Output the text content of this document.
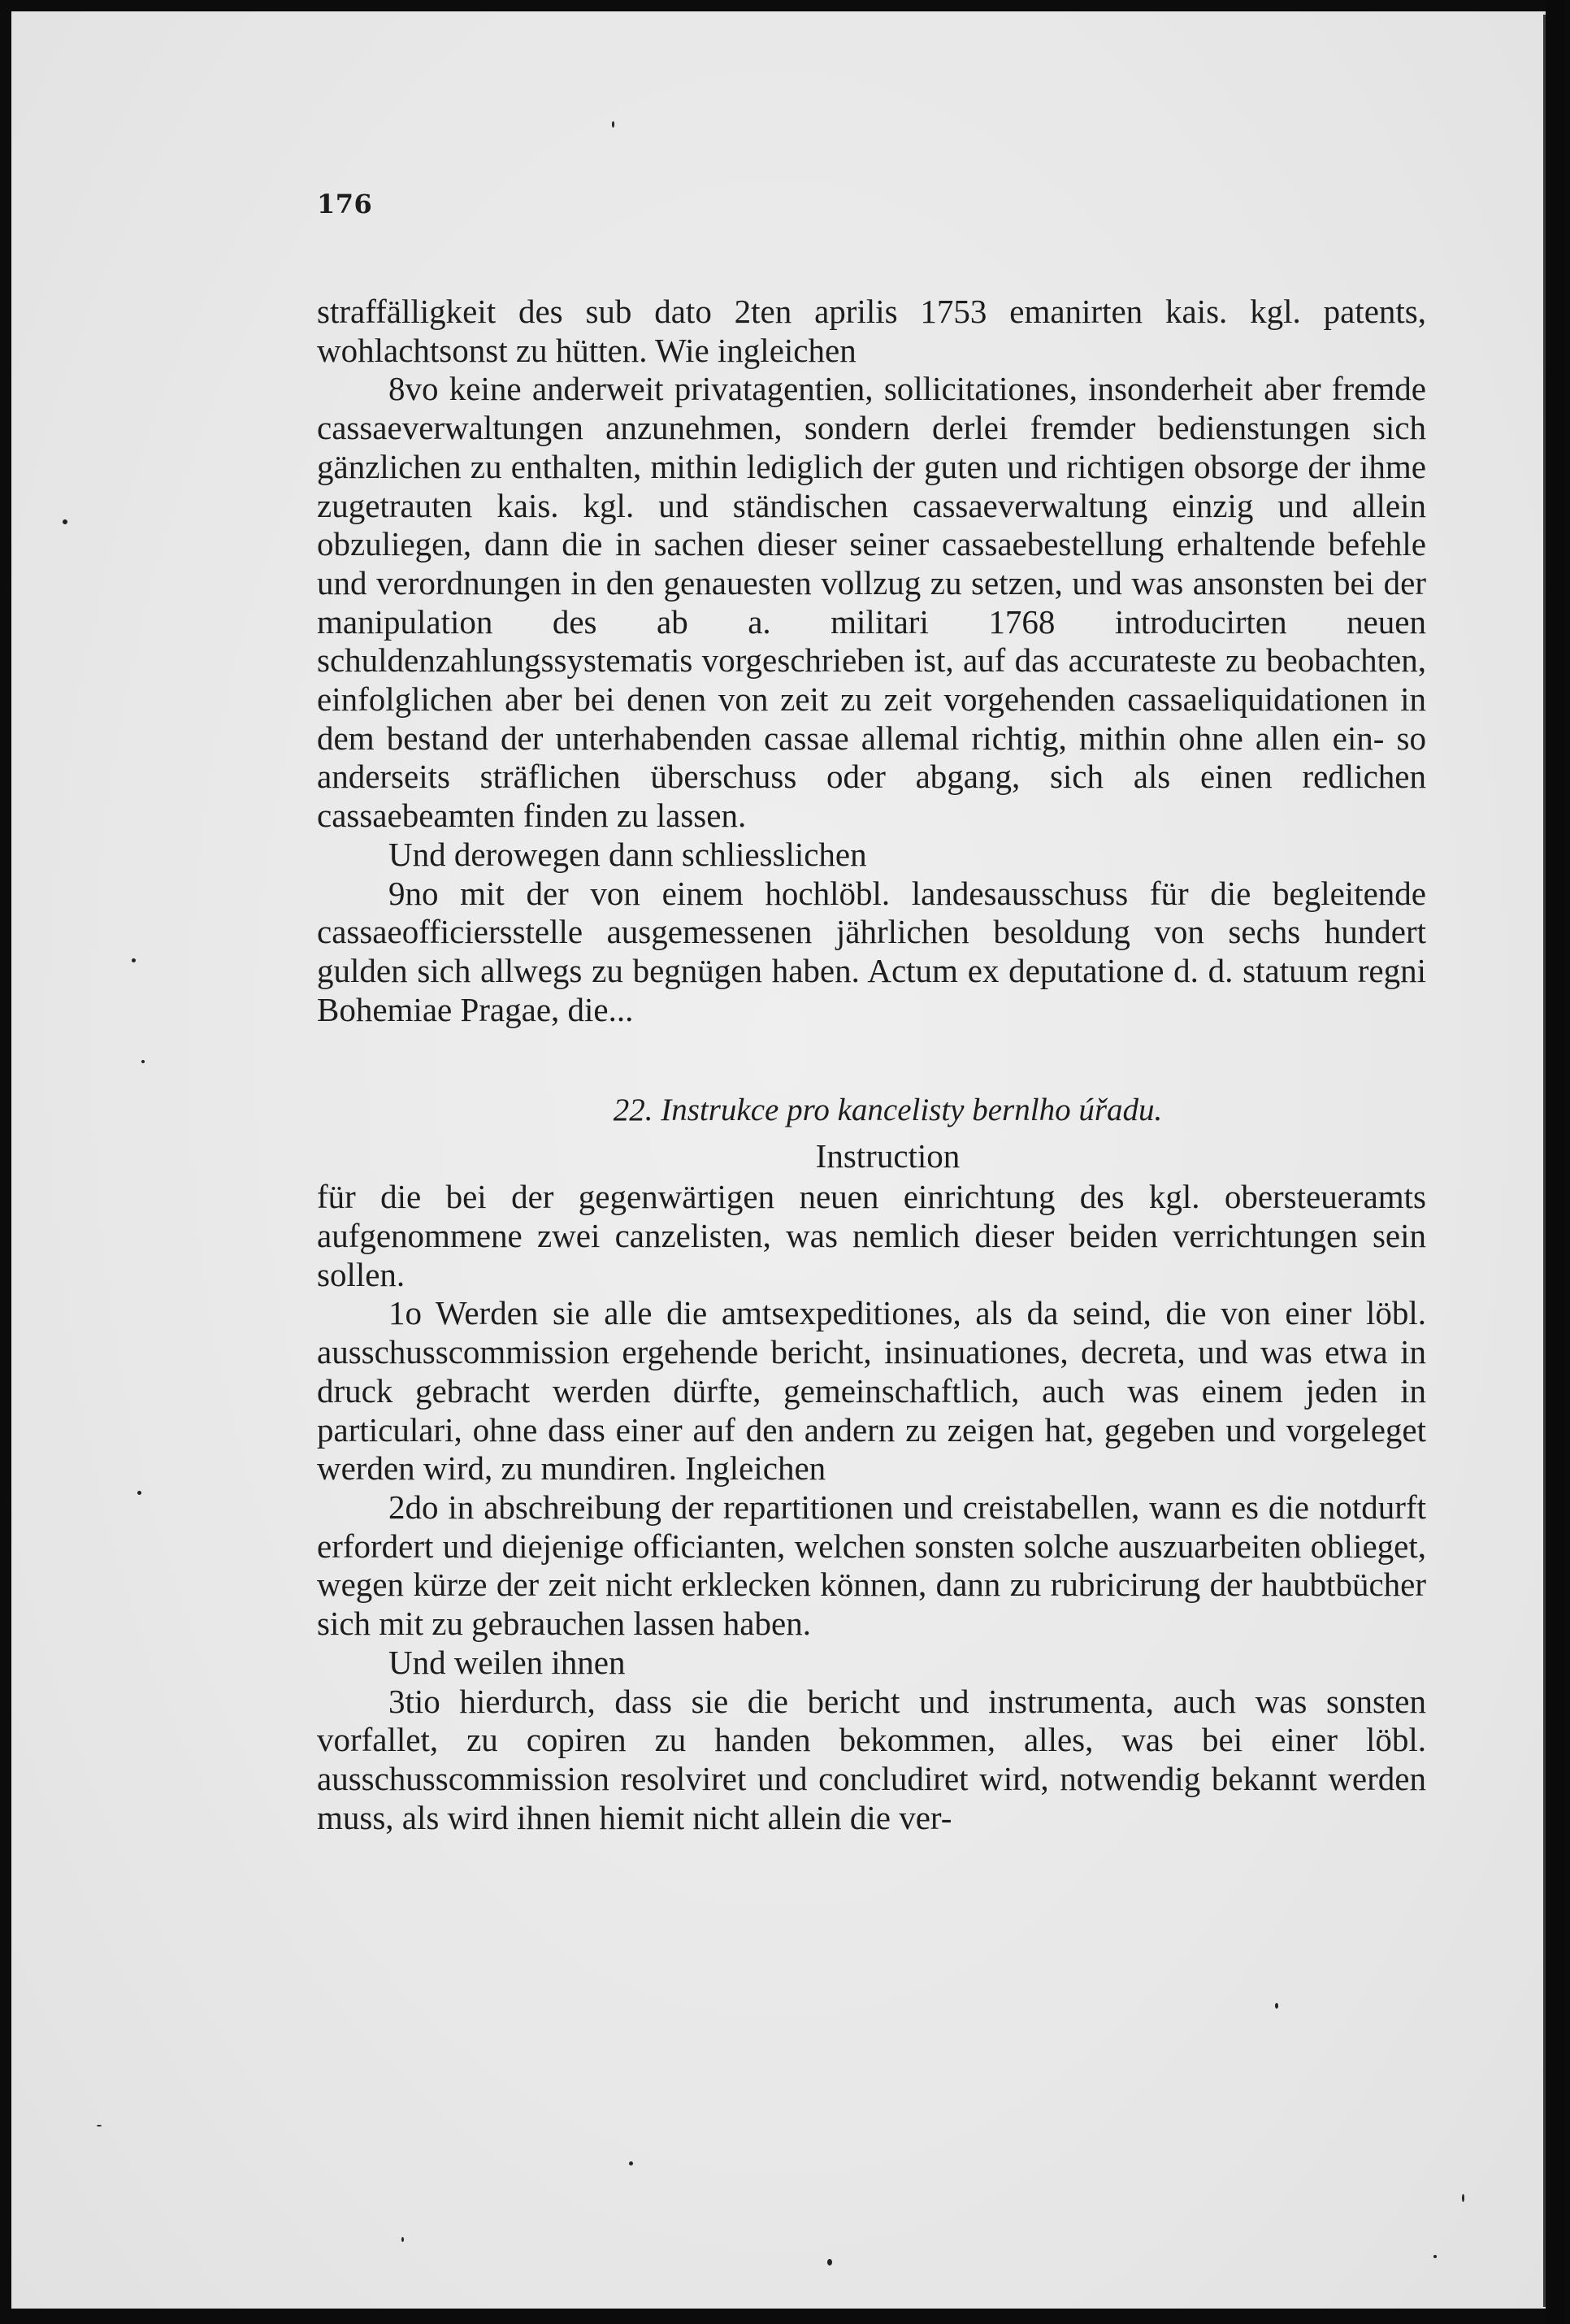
176

straffälligkeit des sub dato 2ten aprilis 1753 emanirten kais. kgl. patents, wohlachtsonst zu hütten. Wie ingleichen

8vo keine anderweit privatagentien, sollicitationes, insonderheit aber fremde cassaeverwaltungen anzunehmen, sondern derlei fremder bedienstungen sich gänzlichen zu enthalten, mithin lediglich der guten und richtigen obsorge der ihme zugetrauten kais. kgl. und ständischen cassaeverwaltung einzig und allein obzuliegen, dann die in sachen dieser seiner cassaebestellung erhaltende befehle und verordnungen in den genauesten vollzug zu setzen, und was ansonsten bei der manipulation des ab a. militari 1768 introducirten neuen schuldenzahlungssystematis vorgeschrieben ist, auf das accurateste zu beobachten, einfolglichen aber bei denen von zeit zu zeit vorgehenden cassaeliquidationen in dem bestand der unterhabenden cassae allemal richtig, mithin ohne allen ein- so anderseits sträflichen überschuss oder abgang, sich als einen redlichen cassaebeamten finden zu lassen.

Und derowegen dann schliesslichen

9no mit der von einem hochlöbl. landesausschuss für die begleitende cassaeofficiersstelle ausgemessenen jährlichen besoldung von sechs hundert gulden sich allwegs zu begnügen haben. Actum ex deputatione d. d. statuum regni Bohemiae Pragae, die...

22. Instrukce pro kancelisty bernlho úřadu.
Instruction

für die bei der gegenwärtigen neuen einrichtung des kgl. obersteueramts aufgenommene zwei canzelisten, was nemlich dieser beiden verrichtungen sein sollen.

1o Werden sie alle die amtsexpeditiones, als da seind, die von einer löbl. ausschusscommission ergehende bericht, insinuationes, decreta, und was etwa in druck gebracht werden dürfte, gemeinschaftlich, auch was einem jeden in particulari, ohne dass einer auf den andern zu zeigen hat, gegeben und vorgeleget werden wird, zu mundiren. Ingleichen

2do in abschreibung der repartitionen und creistabellen, wann es die notdurft erfordert und diejenige officianten, welchen sonsten solche auszuarbeiten oblieget, wegen kürze der zeit nicht erklecken können, dann zu rubricirung der haubtbücher sich mit zu gebrauchen lassen haben.

Und weilen ihnen

3tio hierdurch, dass sie die bericht und instrumenta, auch was sonsten vorfallet, zu copiren zu handen bekommen, alles, was bei einer löbl. ausschusscommission resolviret und concludiret wird, notwendig bekannt werden muss, als wird ihnen hiemit nicht allein die ver-
